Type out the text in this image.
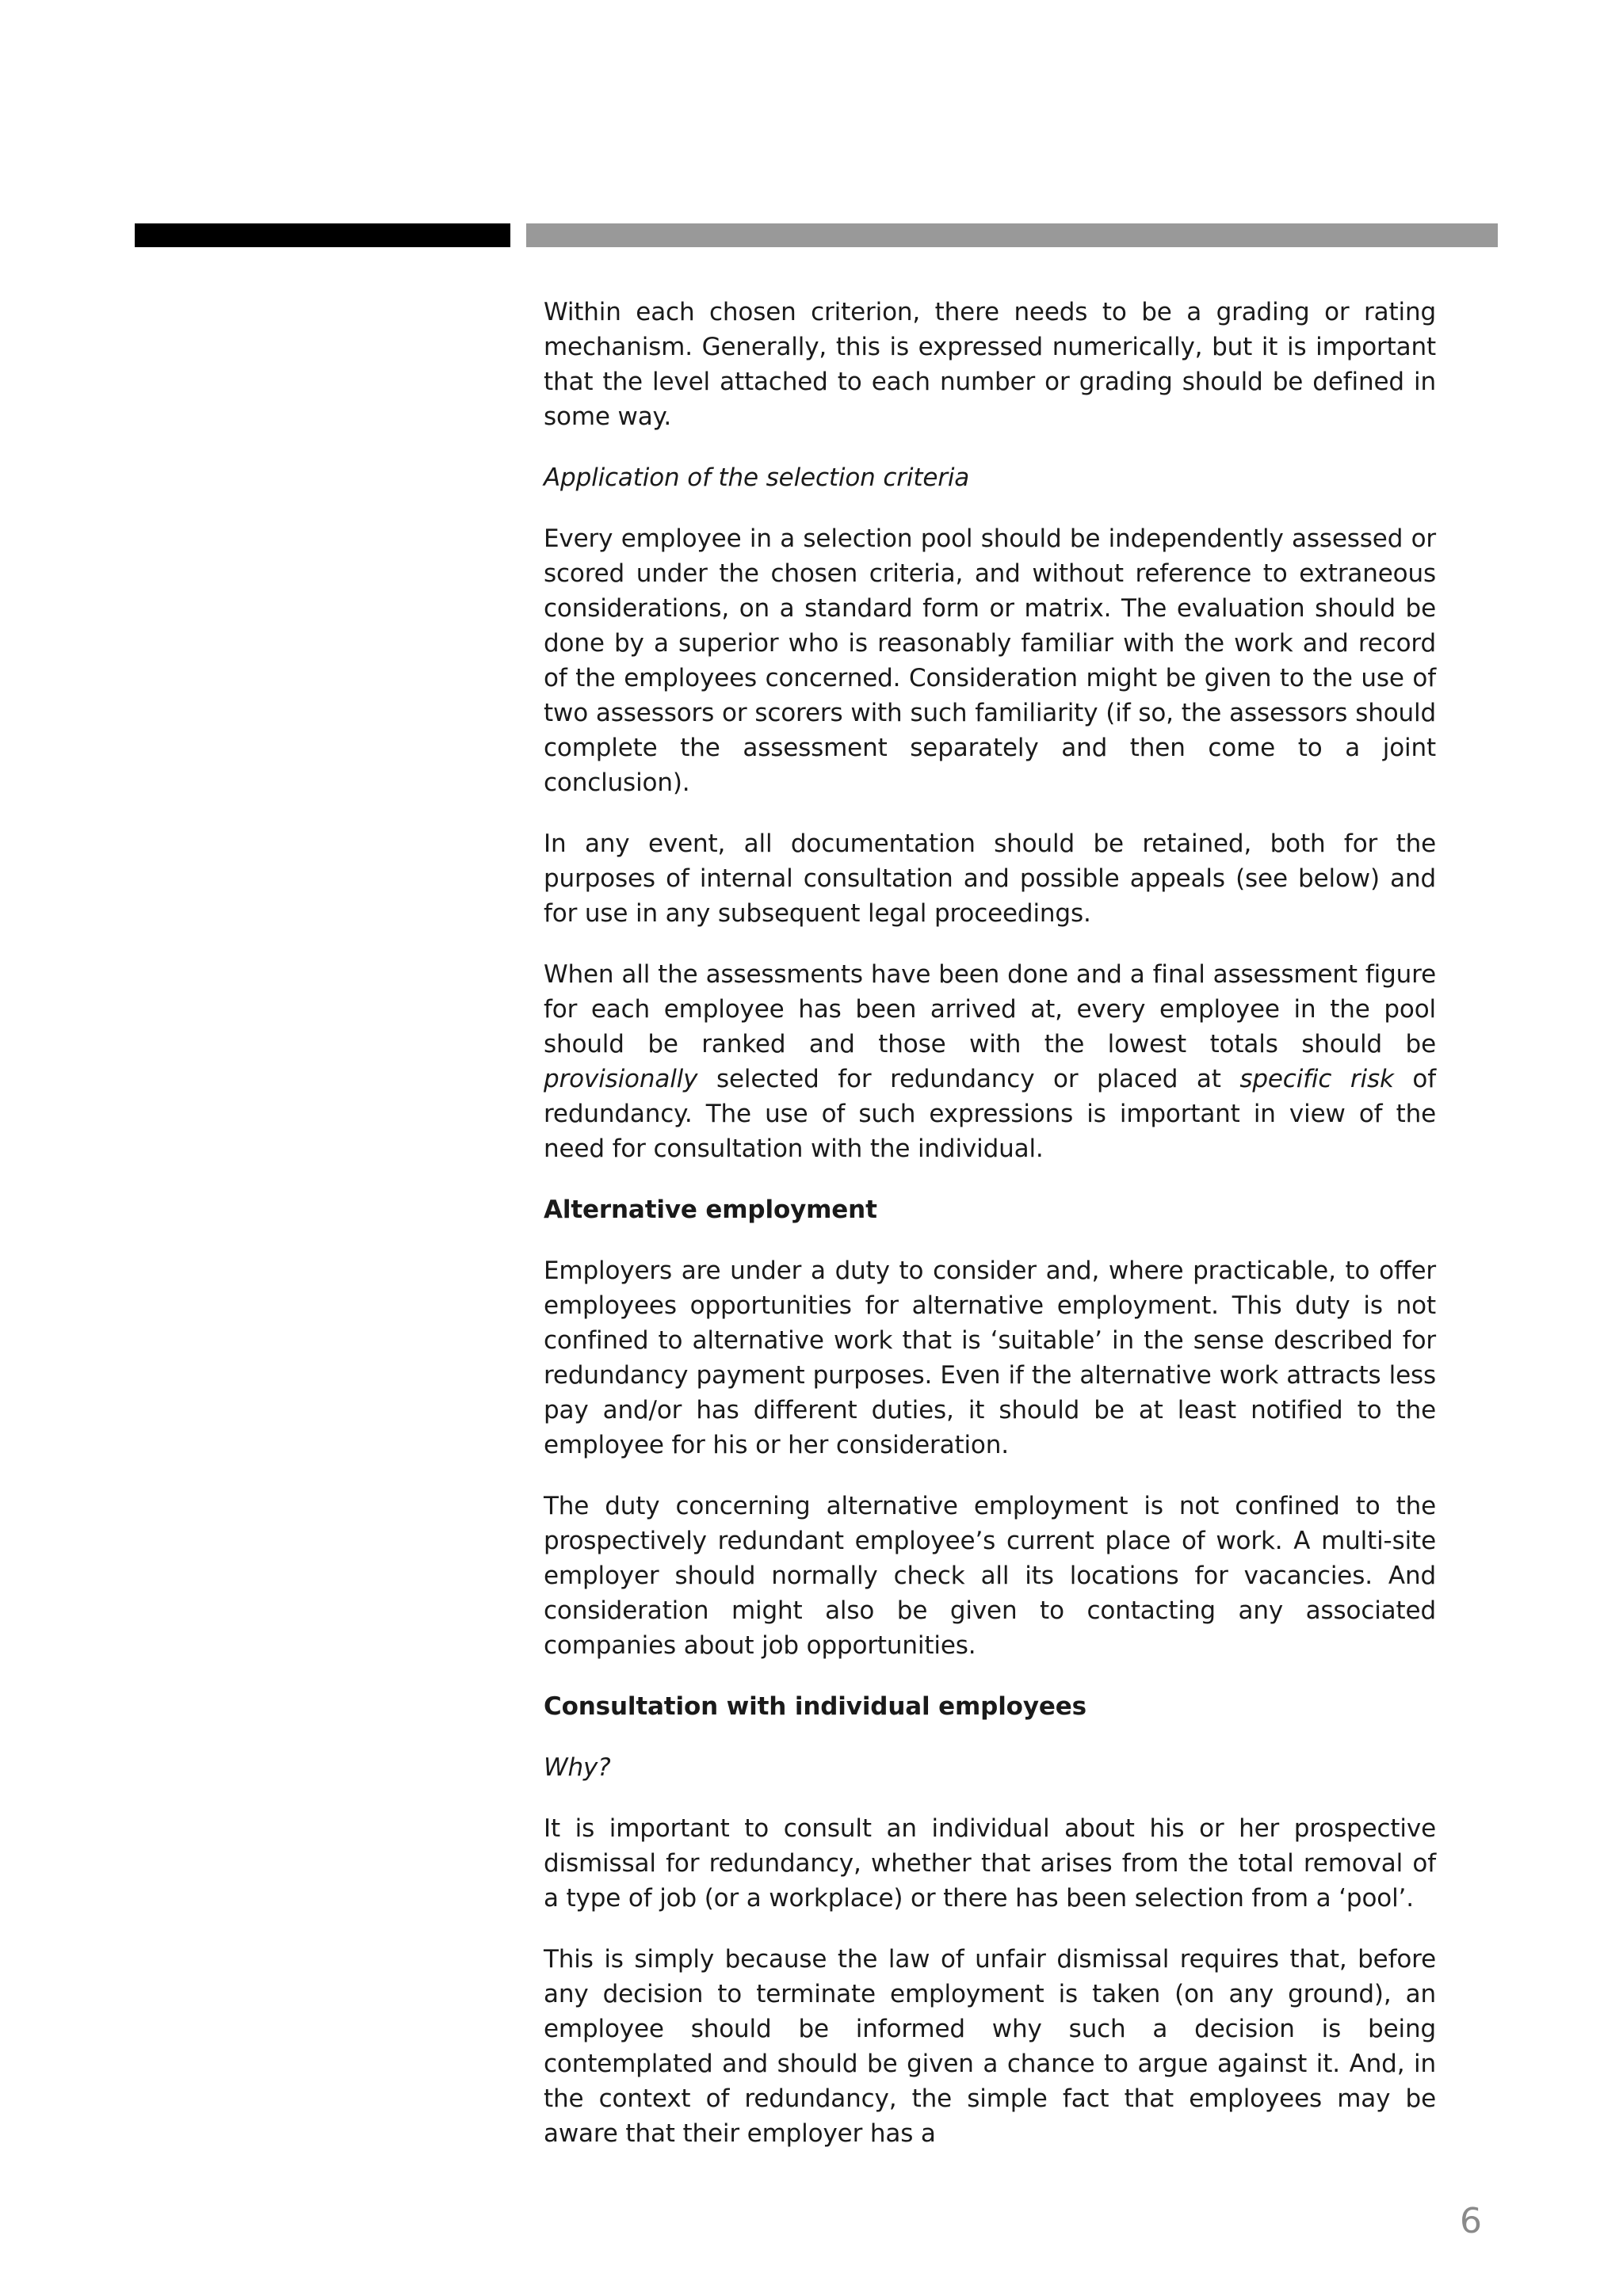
Within each chosen criterion, there needs to be a grading or rating mechanism. Generally, this is expressed numerically, but it is important that the level attached to each number or grading should be defined in some way.

Application of the selection criteria

Every employee in a selection pool should be independently assessed or scored under the chosen criteria, and without reference to extraneous considerations, on a standard form or matrix. The evaluation should be done by a superior who is reasonably familiar with the work and record of the employees concerned. Consideration might be given to the use of two assessors or scorers with such familiarity (if so, the assessors should complete the assessment separately and then come to a joint conclusion).

In any event, all documentation should be retained, both for the purposes of internal consultation and possible appeals (see below) and for use in any subsequent legal proceedings.

When all the assessments have been done and a final assessment figure for each employee has been arrived at, every employee in the pool should be ranked and those with the lowest totals should be provisionally selected for redundancy or placed at specific risk of redundancy. The use of such expressions is important in view of the need for consultation with the individual.

Alternative employment

Employers are under a duty to consider and, where practicable, to offer employees opportunities for alternative employment. This duty is not confined to alternative work that is ‘suitable’ in the sense described for redundancy payment purposes. Even if the alternative work attracts less pay and/or has different duties, it should be at least notified to the employee for his or her consideration.

The duty concerning alternative employment is not confined to the prospectively redundant employee’s current place of work. A multi-site employer should normally check all its locations for vacancies. And consideration might also be given to contacting any associated companies about job opportunities.

Consultation with individual employees

Why?

It is important to consult an individual about his or her prospective dismissal for redundancy, whether that arises from the total removal of a type of job (or a workplace) or there has been selection from a ‘pool’.

This is simply because the law of unfair dismissal requires that, before any decision to terminate employment is taken (on any ground), an employee should be informed why such a decision is being contemplated and should be given a chance to argue against it. And, in the context of redundancy, the simple fact that employees may be aware that their employer has a

6
